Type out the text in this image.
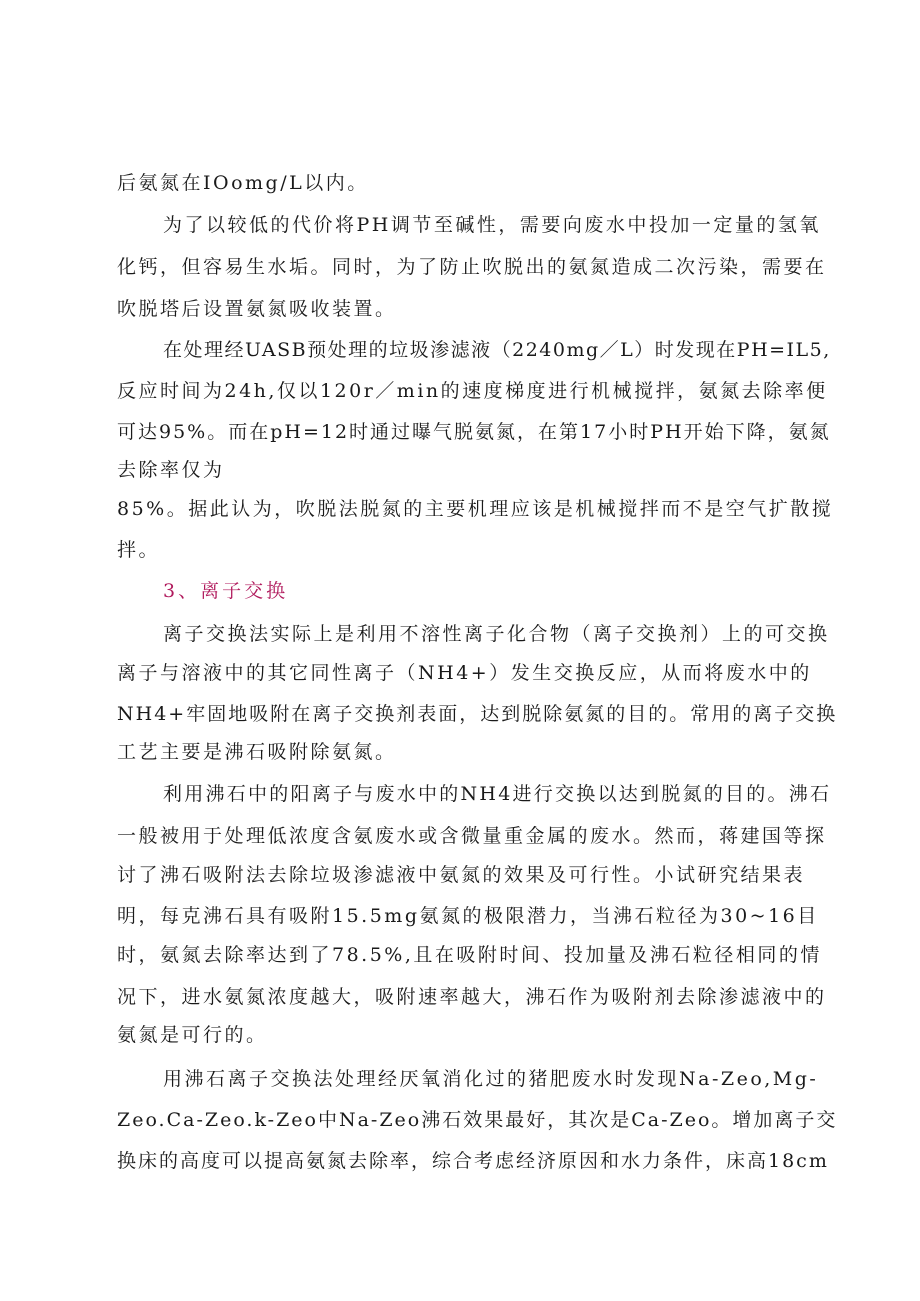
后氨氮在IOomg/L以内。
为了以较低的代价将PH调节至碱性，需要向废水中投加一定量的氢氧
化钙，但容易生水垢。同时，为了防止吹脱出的氨氮造成二次污染，需要在
吹脱塔后设置氨氮吸收装置。
在处理经UASB预处理的垃圾渗滤液（2240mg／L）时发现在PH=IL5,
反应时间为24h,仅以120r／min的速度梯度进行机械搅拌，氨氮去除率便
可达95%。而在pH=12时通过曝气脱氨氮，在第17小时PH开始下降，氨氮
去除率仅为
85%。据此认为，吹脱法脱氮的主要机理应该是机械搅拌而不是空气扩散搅
拌。
3、离子交换
离子交换法实际上是利用不溶性离子化合物（离子交换剂）上的可交换
离子与溶液中的其它同性离子（NH4+）发生交换反应，从而将废水中的
NH4+牢固地吸附在离子交换剂表面，达到脱除氨氮的目的。常用的离子交换
工艺主要是沸石吸附除氨氮。
利用沸石中的阳离子与废水中的NH4进行交换以达到脱氮的目的。沸石
一般被用于处理低浓度含氨废水或含微量重金属的废水。然而，蒋建国等探
讨了沸石吸附法去除垃圾渗滤液中氨氮的效果及可行性。小试研究结果表
明，每克沸石具有吸附15.5mg氨氮的极限潜力，当沸石粒径为30~16目
时，氨氮去除率达到了78.5%,且在吸附时间、投加量及沸石粒径相同的情
况下，进水氨氮浓度越大，吸附速率越大，沸石作为吸附剂去除渗滤液中的
氨氮是可行的。
用沸石离子交换法处理经厌氧消化过的猪肥废水时发现Na-Zeo,Mg-
Zeo.Ca-Zeo.k-Zeo中Na-Zeo沸石效果最好，其次是Ca-Zeo。增加离子交
换床的高度可以提高氨氮去除率，综合考虑经济原因和水力条件，床高18cm
